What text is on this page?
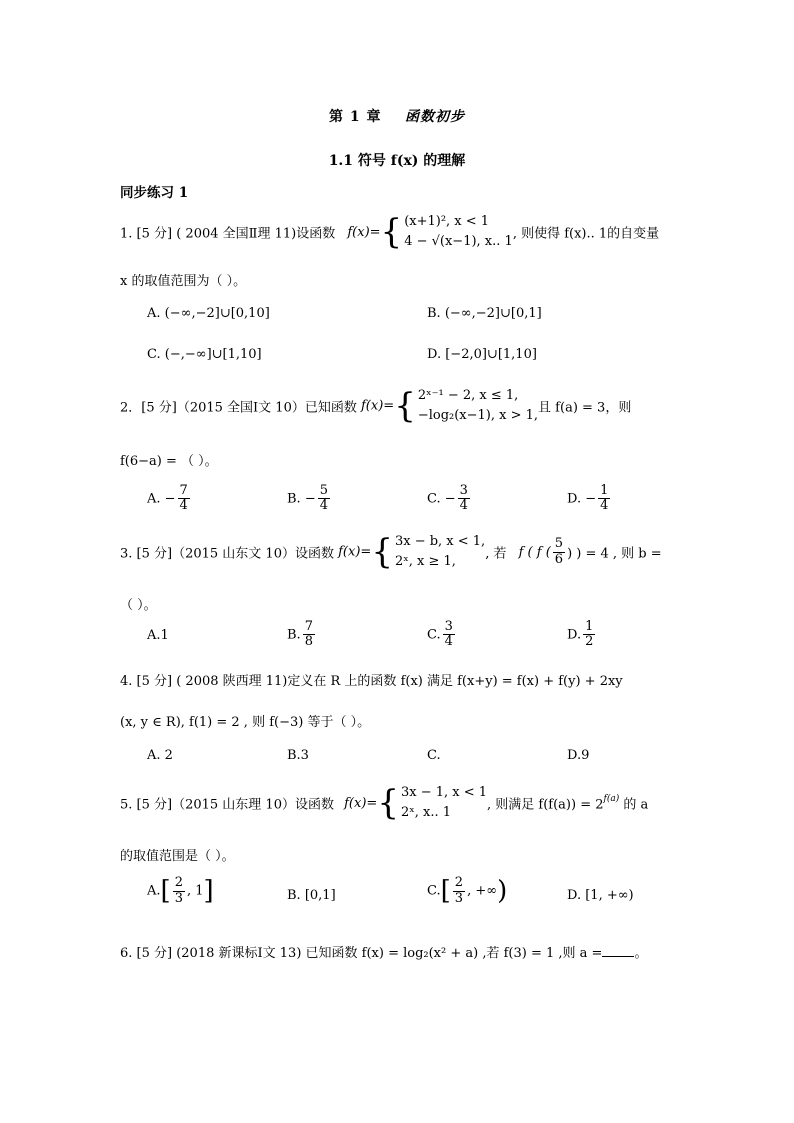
第 1 章 函数初步
1.1 符号 f(x) 的理解
同步练习 1
1. [5 分] ( 2004 全国Ⅱ理 11)设函数 f(x)={ (x+1)², x < 1
4 − √(x−1), x.. 1 , 则使得 f(x).. 1的自变量
x 的取值范围为（ ）。
A. (−∞,−2]∪[0,10]	B. (−∞,−2]∪[0,1]
C. (−,−∞]∪[1,10]	D. [−2,0]∪[1,10]
2．[5 分]（2015 全国Ⅰ文 10）已知函数 f(x)={ 2ˣ⁻¹ − 2, x ≤ 1,
−log₂(x−1), x > 1, 且 f(a) = 3，则
f(6−a) = （ ）。
A. − $\frac{7}{4}$	B. − $\frac{5}{4}$	C. − $\frac{3}{4}$	D. − $\frac{1}{4}$
3. [5 分]（2015 山东文 10）设函数 f(x)={ 3x − b, x < 1,
2ˣ, x ≥ 1,	, 若 f ( f ( $\frac{5}{6}$ ) ) = 4 , 则 b =
（ ）。
A.1	B. $\frac{7}{8}$	C. $\frac{3}{4}$	D. $\frac{1}{2}$
4. [5 分] ( 2008 陕西理 11)定义在 R 上的函数 f(x) 满足 f(x+y) = f(x) + f(y) + 2xy
(x, y ∈ R), f(1) = 2 , 则 f(−3) 等于（ ）。
A. 2	B.3	C.	D.9
5. [5 分]（2015 山东理 10）设函数 f(x)={ 3x − 1, x < 1
2ˣ, x.. 1	, 则满足 $f(f(a)) = 2^{f(a)}$ 的 a
的取值范围是（ ）。
$A.[ \frac{2}{3}$ , 1]	B. [0,1]	$C.[ \frac{2}{3}$ , +∞)	D. [1, +∞)
6. [5 分] (2018 新课标Ⅰ文 13) 已知函数 f(x) = log₂(x² + a) ,若 f(3) = 1 ,则 a = 。
